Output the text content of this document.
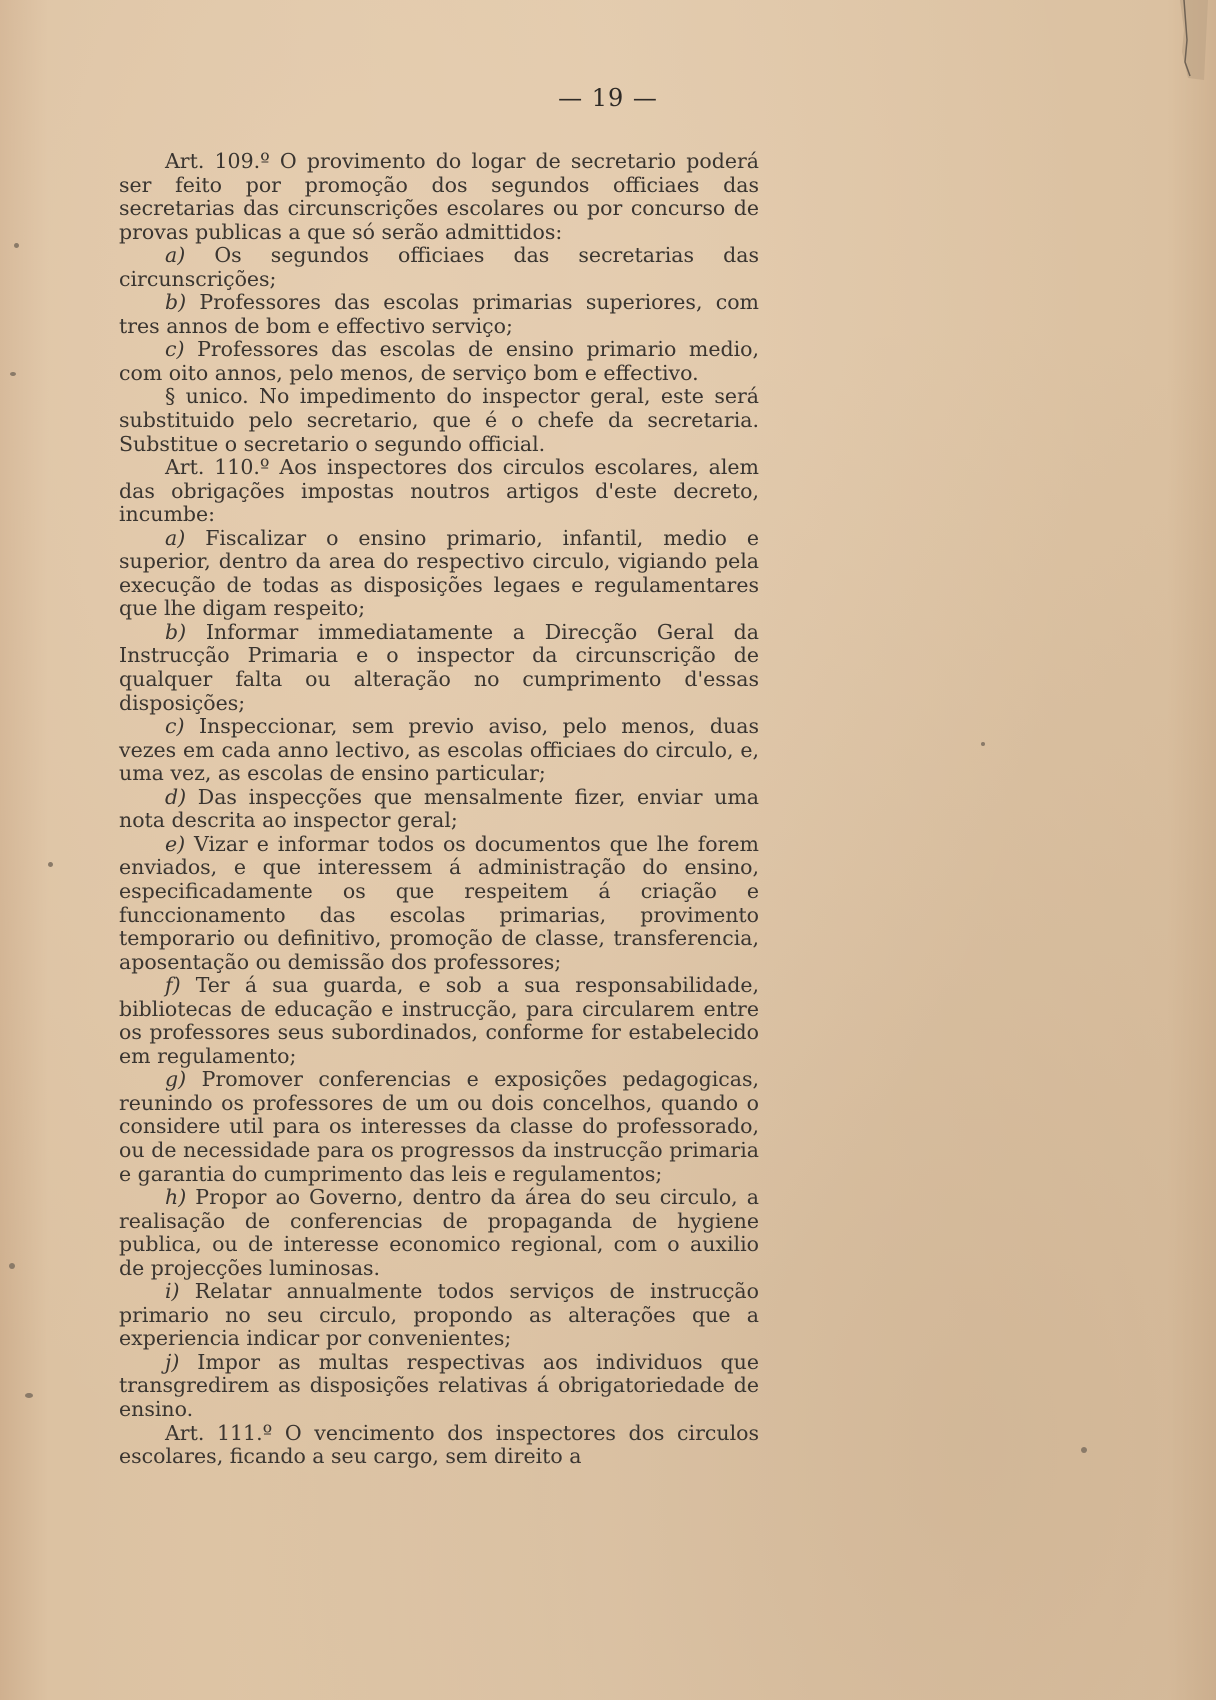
— 19 —

Art. 109.º O provimento do logar de secretario poderá ser feito por promoção dos segundos officiaes das secretarias das circunscrições escolares ou por concurso de provas publicas a que só serão admittidos:

a) Os segundos officiaes das secretarias das circunscrições;

b) Professores das escolas primarias superiores, com tres annos de bom e effectivo serviço;

c) Professores das escolas de ensino primario medio, com oito annos, pelo menos, de serviço bom e effectivo.

§ unico. No impedimento do inspector geral, este será substituido pelo secretario, que é o chefe da secretaria. Substitue o secretario o segundo official.

Art. 110.º Aos inspectores dos circulos escolares, alem das obrigações impostas noutros artigos d'este decreto, incumbe:

a) Fiscalizar o ensino primario, infantil, medio e superior, dentro da area do respectivo circulo, vigiando pela execução de todas as disposições legaes e regulamentares que lhe digam respeito;

b) Informar immediatamente a Direcção Geral da Instrucção Primaria e o inspector da circunscrição de qualquer falta ou alteração no cumprimento d'essas disposições;

c) Inspeccionar, sem previo aviso, pelo menos, duas vezes em cada anno lectivo, as escolas officiaes do circulo, e, uma vez, as escolas de ensino particular;

d) Das inspecções que mensalmente fizer, enviar uma nota descrita ao inspector geral;

e) Vizar e informar todos os documentos que lhe forem enviados, e que interessem á administração do ensino, especificadamente os que respeitem á criação e funccionamento das escolas primarias, provimento temporario ou definitivo, promoção de classe, transferencia, aposentação ou demissão dos professores;

f) Ter á sua guarda, e sob a sua responsabilidade, bibliotecas de educação e instrucção, para circularem entre os professores seus subordinados, conforme for estabelecido em regulamento;

g) Promover conferencias e exposições pedagogicas, reunindo os professores de um ou dois concelhos, quando o considere util para os interesses da classe do professorado, ou de necessidade para os progressos da instrucção primaria e garantia do cumprimento das leis e regulamentos;

h) Propor ao Governo, dentro da área do seu circulo, a realisação de conferencias de propaganda de hygiene publica, ou de interesse economico regional, com o auxilio de projecções luminosas.

i) Relatar annualmente todos serviços de instrucção primario no seu circulo, propondo as alterações que a experiencia indicar por convenientes;

j) Impor as multas respectivas aos individuos que transgredirem as disposições relativas á obrigatoriedade de ensino.

Art. 111.º O vencimento dos inspectores dos circulos escolares, ficando a seu cargo, sem direito a
